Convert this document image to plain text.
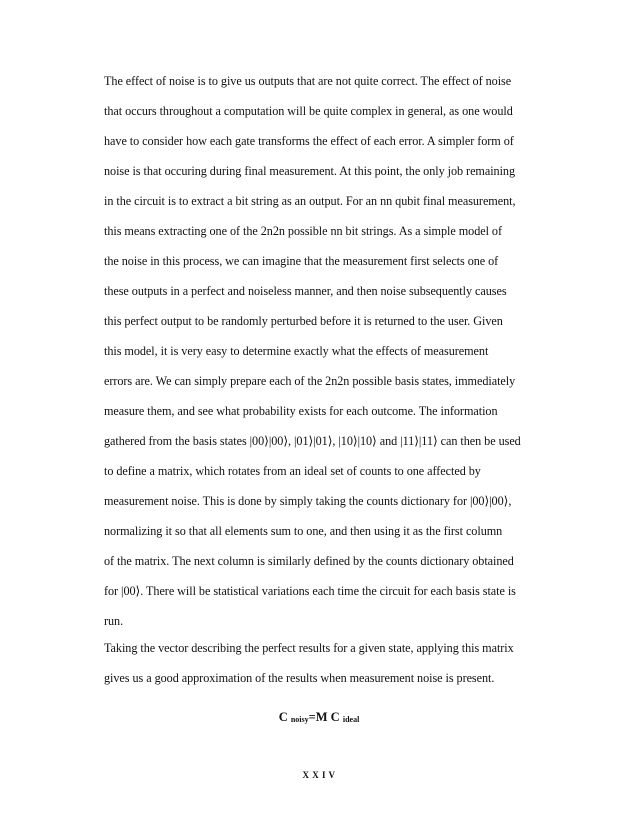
The effect of noise is to give us outputs that are not quite correct. The effect of noise
that occurs throughout a computation will be quite complex in general, as one would
have to consider how each gate transforms the effect of each error. A simpler form of
noise is that occuring during final measurement. At this point, the only job remaining
in the circuit is to extract a bit string as an output. For an nn qubit final measurement,
this means extracting one of the 2n2n possible nn bit strings. As a simple model of
the noise in this process, we can imagine that the measurement first selects one of
these outputs in a perfect and noiseless manner, and then noise subsequently causes
this perfect output to be randomly perturbed before it is returned to the user. Given
this model, it is very easy to determine exactly what the effects of measurement
errors are. We can simply prepare each of the 2n2n possible basis states, immediately
measure them, and see what probability exists for each outcome. The information
gathered from the basis states |00⟩|00⟩, |01⟩|01⟩, |10⟩|10⟩ and |11⟩|11⟩ can then be used
to define a matrix, which rotates from an ideal set of counts to one affected by
measurement noise. This is done by simply taking the counts dictionary for |00⟩|00⟩,
normalizing it so that all elements sum to one, and then using it as the first column
of the matrix. The next column is similarly defined by the counts dictionary obtained
for |00⟩. There will be statistical variations each time the circuit for each basis state is
run.
Taking the vector describing the perfect results for a given state, applying this matrix
gives us a good approximation of the results when measurement noise is present.
C noisy=M C ideal
X X I V
